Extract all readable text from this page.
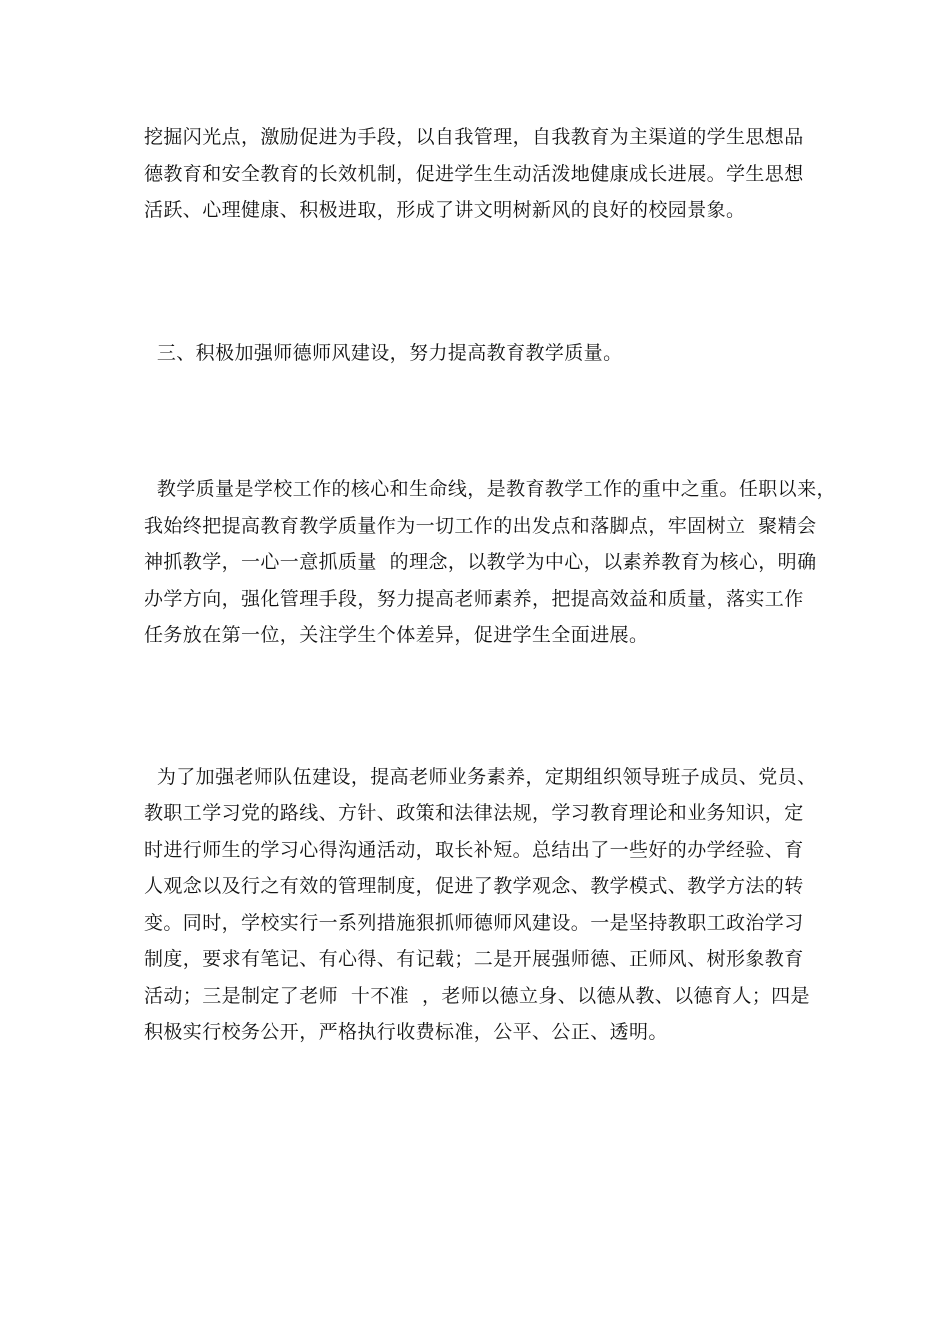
挖掘闪光点，激励促进为手段，以自我管理，自我教育为主渠道的学生思想品
德教育和安全教育的长效机制，促进学生生动活泼地健康成长进展。学生思想
活跃、心理健康、积极进取，形成了讲文明树新风的良好的校园景象。
三、积极加强师德师风建设，努力提高教育教学质量。
教学质量是学校工作的核心和生命线，是教育教学工作的重中之重。任职以来，
我始终把提高教育教学质量作为一切工作的出发点和落脚点，牢固树立  聚精会
神抓教学，一心一意抓质量  的理念，以教学为中心，以素养教育为核心，明确
办学方向，强化管理手段，努力提高老师素养，把提高效益和质量，落实工作
任务放在第一位，关注学生个体差异，促进学生全面进展。
为了加强老师队伍建设，提高老师业务素养，定期组织领导班子成员、党员、
教职工学习党的路线、方针、政策和法律法规，学习教育理论和业务知识，定
时进行师生的学习心得沟通活动，取长补短。总结出了一些好的办学经验、育
人观念以及行之有效的管理制度，促进了教学观念、教学模式、教学方法的转
变。同时，学校实行一系列措施狠抓师德师风建设。一是坚持教职工政治学习
制度，要求有笔记、有心得、有记载；二是开展强师德、正师风、树形象教育
活动；三是制定了老师  十不准  ，老师以德立身、以德从教、以德育人；四是
积极实行校务公开，严格执行收费标准，公平、公正、透明。
